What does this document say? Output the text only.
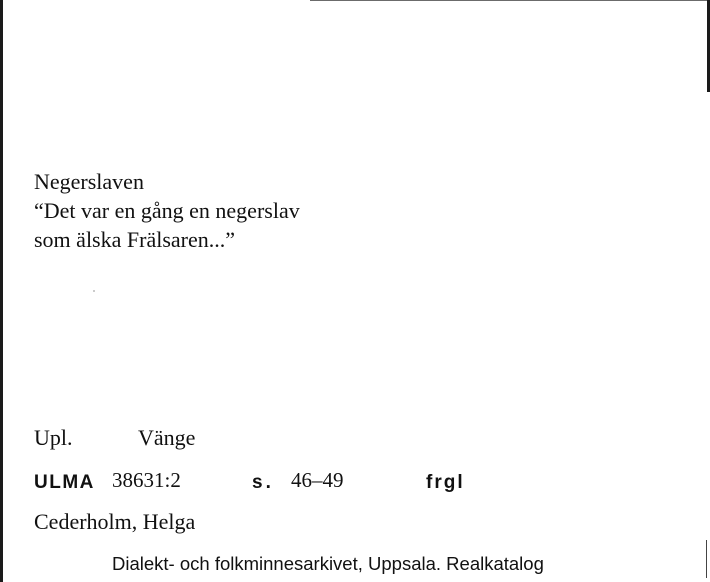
Negerslaven
“Det var en gång en negerslav
som älska Frälsaren...”
Upl.	Vänge
ULMA 38631:2	s. 46–49	frgl
Cederholm, Helga
Dialekt- och folkminnesarkivet, Uppsala. Realkatalog
